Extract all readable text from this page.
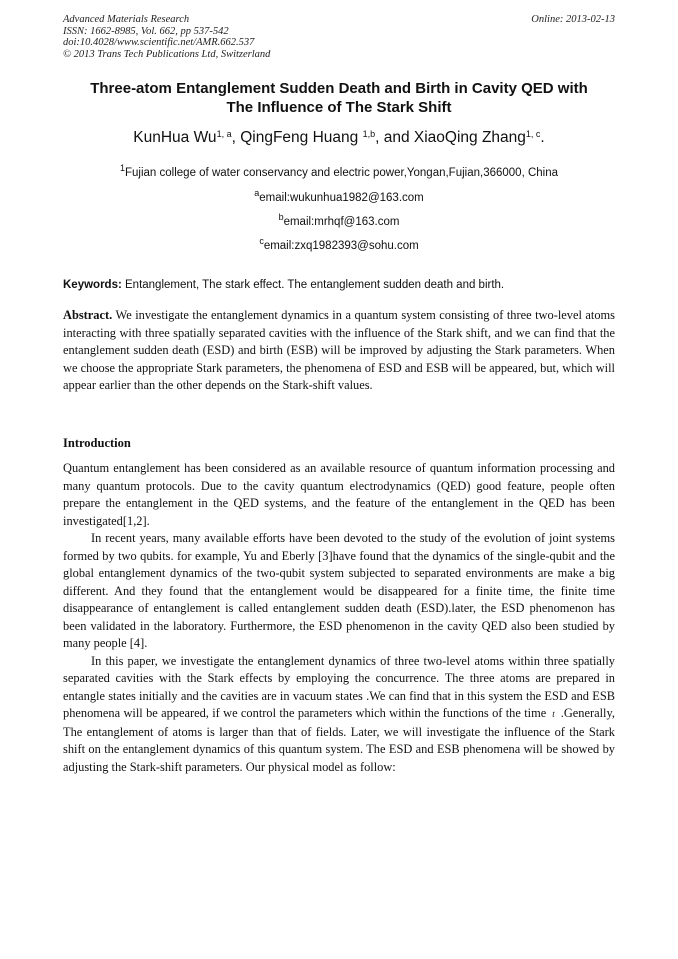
Advanced Materials Research
ISSN: 1662-8985, Vol. 662, pp 537-542
doi:10.4028/www.scientific.net/AMR.662.537
© 2013 Trans Tech Publications Ltd, Switzerland
Online: 2013-02-13
Three-atom Entanglement Sudden Death and Birth in Cavity QED with
The Influence of The Stark Shift
KunHua Wu$^{1, a}$, QingFeng Huang $^{1,b}$, and XiaoQing Zhang$^{1, c}$.
$^1$Fujian college of water conservancy and electric power,Yongan,Fujian,366000, China
$^a$email:wukunhua1982@163.com
$^b$email:mrhqf@163.com
$^c$email:zxq1982393@sohu.com
Keywords: Entanglement, The stark effect. The entanglement sudden death and birth.

Abstract. We investigate the entanglement dynamics in a quantum system consisting of three two-level atoms interacting with three spatially separated cavities with the influence of the Stark shift, and we can find that the entanglement sudden death (ESD) and birth (ESB) will be improved by adjusting the Stark parameters. When we choose the appropriate Stark parameters, the phenomena of ESD and ESB will be appeared, but, which will appear earlier than the other depends on the Stark-shift values.

Introduction

Quantum entanglement has been considered as an available resource of quantum information processing and many quantum protocols. Due to the cavity quantum electrodynamics (QED) good feature, people often prepare the entanglement in the QED systems, and the feature of the entanglement in the QED has been investigated[1,2].

In recent years, many available efforts have been devoted to the study of the evolution of joint systems formed by two qubits. for example, Yu and Eberly [3]have found that the dynamics of the single-qubit and the global entanglement dynamics of the two-qubit system subjected to separated environments are make a big different. And they found that the entanglement would be disappeared for a finite time, the finite time disappearance of entanglement is called entanglement sudden death (ESD).later, the ESD phenomenon has been validated in the laboratory. Furthermore, the ESD phenomenon in the cavity QED also been studied by many people [4].

In this paper, we investigate the entanglement dynamics of three two-level atoms within three spatially separated cavities with the Stark effects by employing the concurrence. The three atoms are prepared in entangle states initially and the cavities are in vacuum states .We can find that in this system the ESD and ESB phenomena will be appeared, if we control the parameters which within the functions of the time t .Generally, The entanglement of atoms is larger than that of fields. Later, we will investigate the influence of the Stark shift on the entanglement dynamics of this quantum system. The ESD and ESB phenomena will be showed by adjusting the Stark-shift parameters. Our physical model as follow:
